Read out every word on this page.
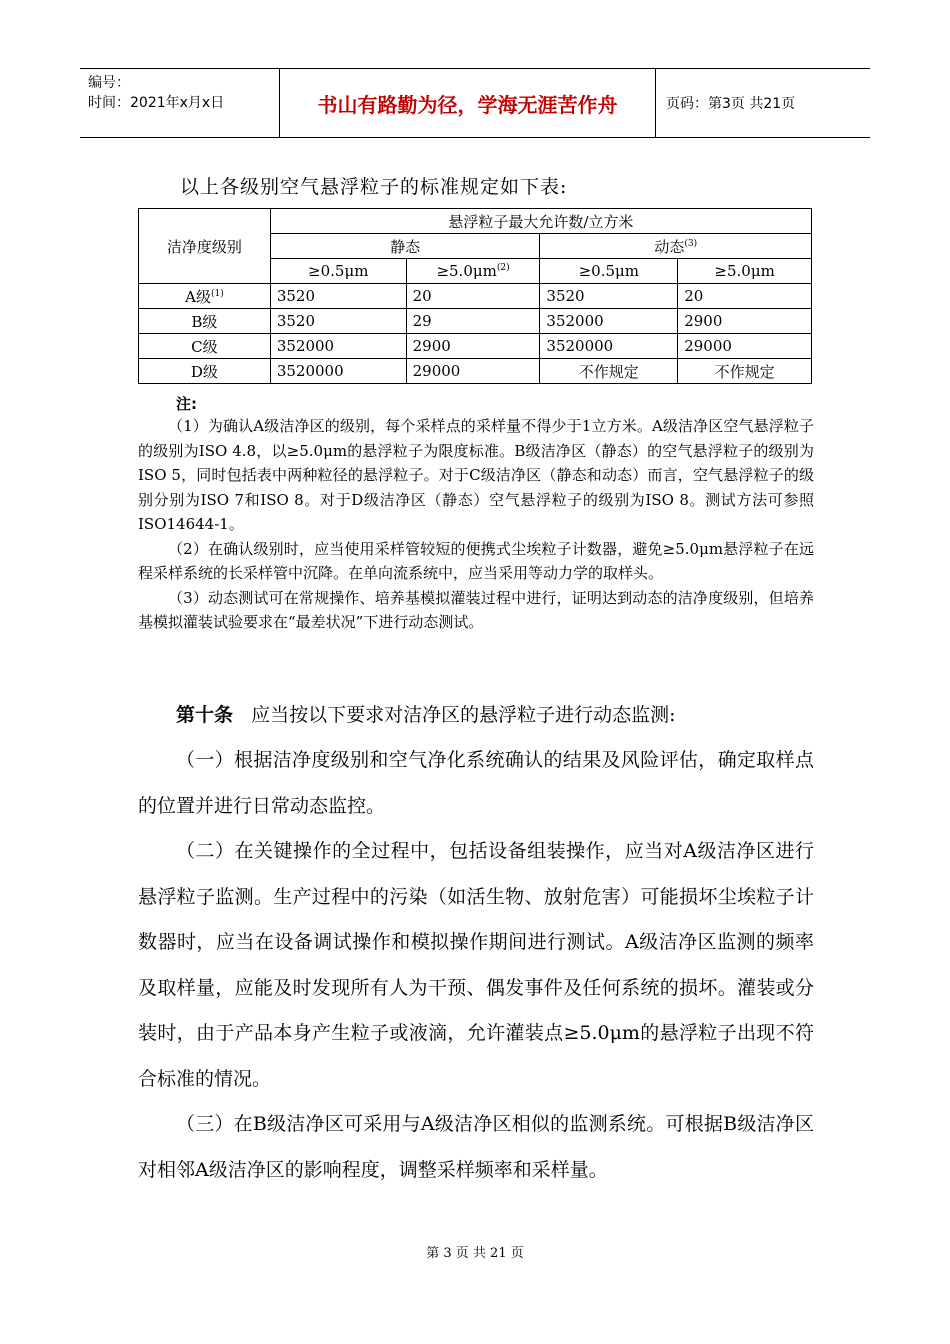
编号：
时间：2021年x月x日	书山有路勤为径，学海无涯苦作舟	页码：第3页 共21页
以上各级别空气悬浮粒子的标准规定如下表:
洁净度级别	悬浮粒子最大允许数/立方米			
	静态		动态$^{(3)}$
	≥0.5μm	$\ge 5.0\mu m^{(2)}$	≥0.5μm	≥5.0μm
A级$^{(1)}$	3520	20	3520	20
B级	3520	29	352000	2900
C级	352000	2900	3520000	29000
D级	3520000	29000	不作规定	不作规定
注:

（1）为确认A级洁净区的级别，每个采样点的采样量不得少于1立方米。A级洁净区空气悬浮粒子的级别为ISO 4.8，以≥5.0μm的悬浮粒子为限度标准。B级洁净区（静态）的空气悬浮粒子的级别为ISO 5，同时包括表中两种粒径的悬浮粒子。对于C级洁净区（静态和动态）而言，空气悬浮粒子的级别分别为ISO 7和ISO 8。对于D级洁净区（静态）空气悬浮粒子的级别为ISO 8。测试方法可参照ISO14644-1。

（2）在确认级别时，应当使用采样管较短的便携式尘埃粒子计数器，避免≥5.0μm悬浮粒子在远程采样系统的长采样管中沉降。在单向流系统中，应当采用等动力学的取样头。

（3）动态测试可在常规操作、培养基模拟灌装过程中进行，证明达到动态的洁净度级别，但培养基模拟灌装试验要求在“最差状况”下进行动态测试。

第十条 应当按以下要求对洁净区的悬浮粒子进行动态监测:

（一）根据洁净度级别和空气净化系统确认的结果及风险评估，确定取样点的位置并进行日常动态监控。

（二）在关键操作的全过程中，包括设备组装操作，应当对A级洁净区进行悬浮粒子监测。生产过程中的污染（如活生物、放射危害）可能损坏尘埃粒子计数器时，应当在设备调试操作和模拟操作期间进行测试。A级洁净区监测的频率及取样量，应能及时发现所有人为干预、偶发事件及任何系统的损坏。灌装或分装时，由于产品本身产生粒子或液滴，允许灌装点≥5.0μm的悬浮粒子出现不符合标准的情况。

（三）在B级洁净区可采用与A级洁净区相似的监测系统。可根据B级洁净区对相邻A级洁净区的影响程度，调整采样频率和采样量。

第 3 页 共 21 页
